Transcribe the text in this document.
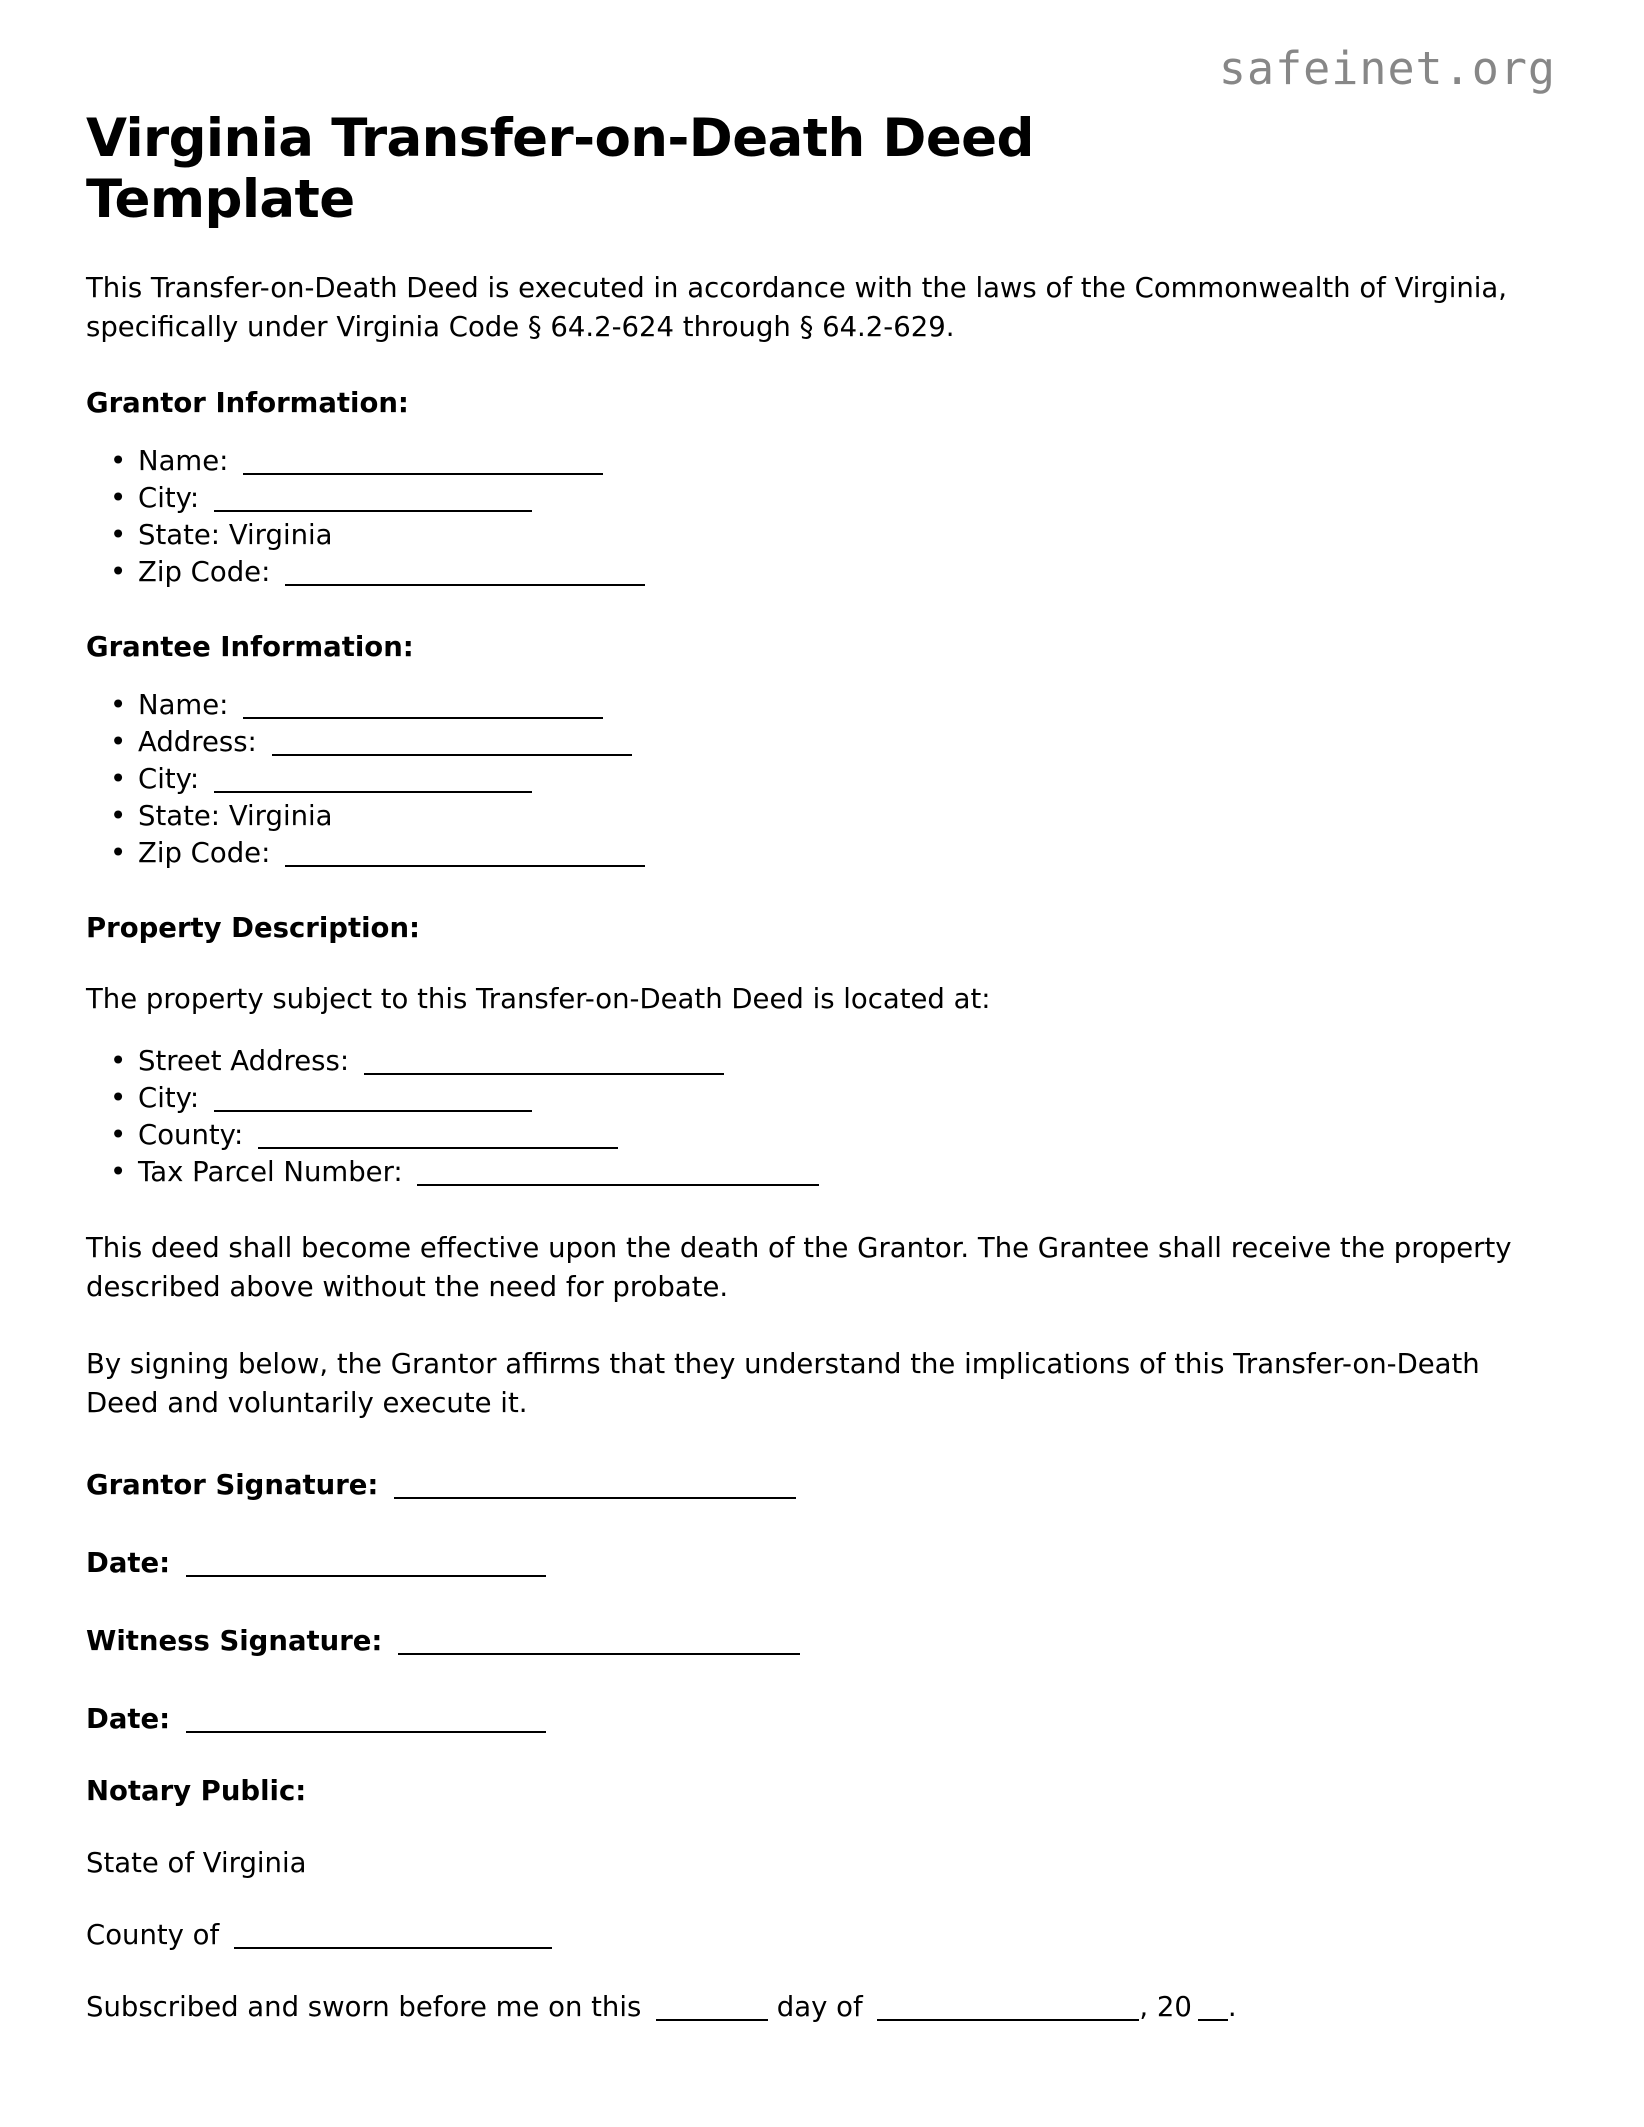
safeinet.org
Virginia Transfer-on-Death Deed Template

This Transfer-on-Death Deed is executed in accordance with the laws of the Commonwealth of Virginia, specifically under Virginia Code § 64.2-624 through § 64.2-629.

Grantor Information:
• Name:
• City:
• State: Virginia
• Zip Code:
Grantee Information:
• Name:
• Address:
• City:
• State: Virginia
• Zip Code:
Property Description:

The property subject to this Transfer-on-Death Deed is located at:

• Street Address:
• City:
• County:
• Tax Parcel Number:

This deed shall become effective upon the death of the Grantor. The Grantee shall receive the property described above without the need for probate.

By signing below, the Grantor affirms that they understand the implications of this Transfer-on-Death Deed and voluntarily execute it.

Grantor Signature:

Date:

Witness Signature:

Date:

Notary Public:

State of Virginia

County of

Subscribed and sworn before me on this	day of	, 20 .
